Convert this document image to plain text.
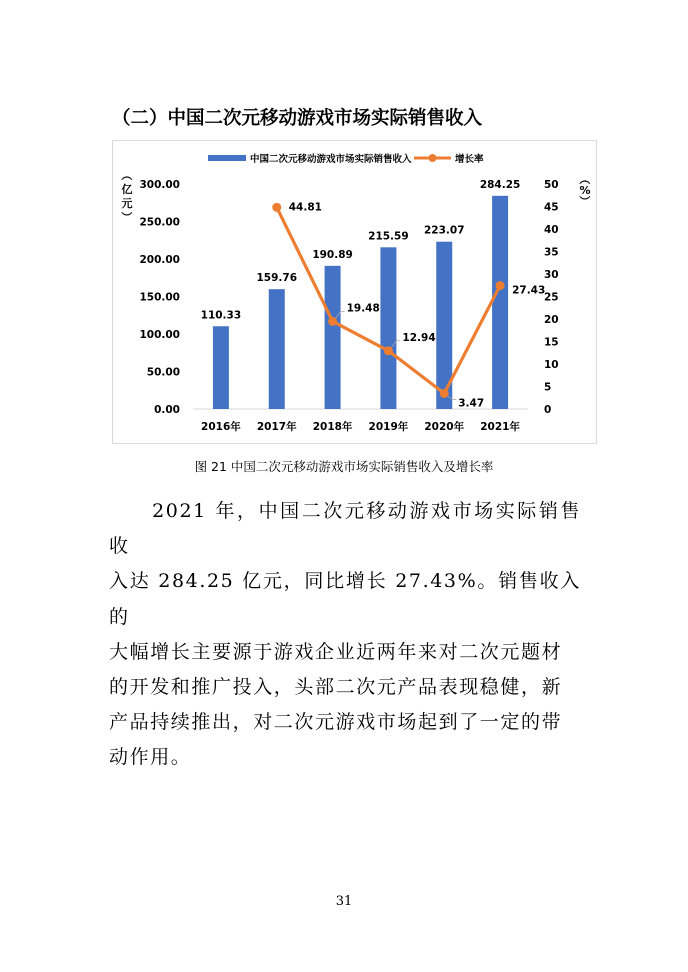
（二）中国二次元移动游戏市场实际销售收入
0.00
50.00
100.00
150.00
200.00
250.00
300.00
0
5
10
15
20
25
30
35
40
45
50
（
亿
元
）
（
%
）
110.33
159.76
190.89
215.59 223.07
284.25
2016年 2017年 2018年 2019年 2020年 2021年
44.81
19.48
12.94
3.47
27.43
中国二次元移动游戏市场实际销售收入	增长率
图 21 中国二次元移动游戏市场实际销售收入及增长率

　　2021 年，中国二次元移动游戏市场实际销售收
入达 284.25 亿元，同比增长 27.43%。销售收入的
大幅增长主要源于游戏企业近两年来对二次元题材
的开发和推广投入，头部二次元产品表现稳健，新
产品持续推出，对二次元游戏市场起到了一定的带
动作用。

31
